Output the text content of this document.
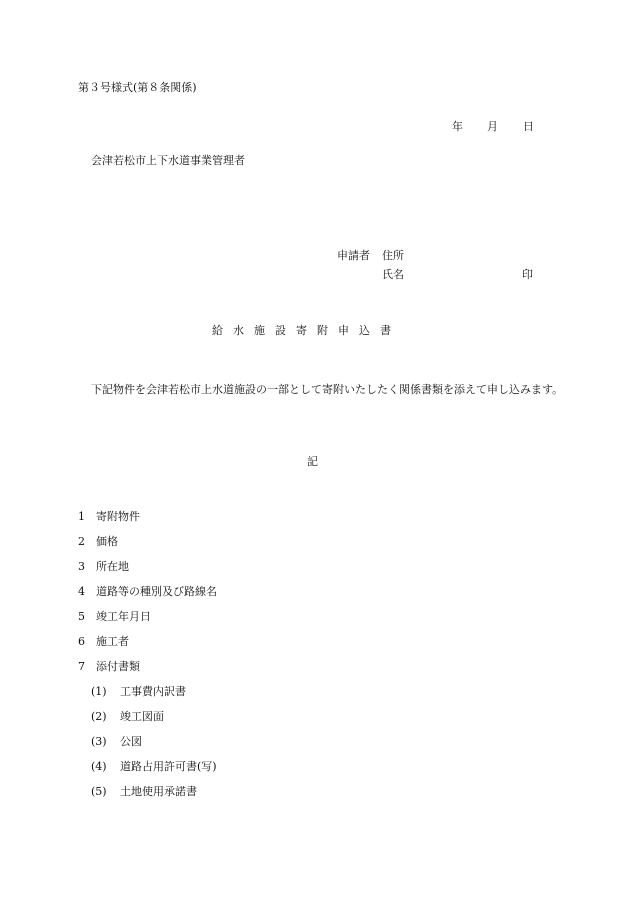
第３号様式(第８条関係)
年 月 日
会津若松市上下水道事業管理者
申請者 住所
氏名	印
給水施設寄附申込書
下記物件を会津若松市上水道施設の一部として寄附いたしたく関係書類を添えて申し込みます。
記
1 寄附物件
2 価格
3 所在地
4 道路等の種別及び路線名
5 竣工年月日
6 施工者
7 添付書類
(1) 工事費内訳書
(2) 竣工図面
(3) 公図
(4) 道路占用許可書(写)
(5) 土地使用承諾書
